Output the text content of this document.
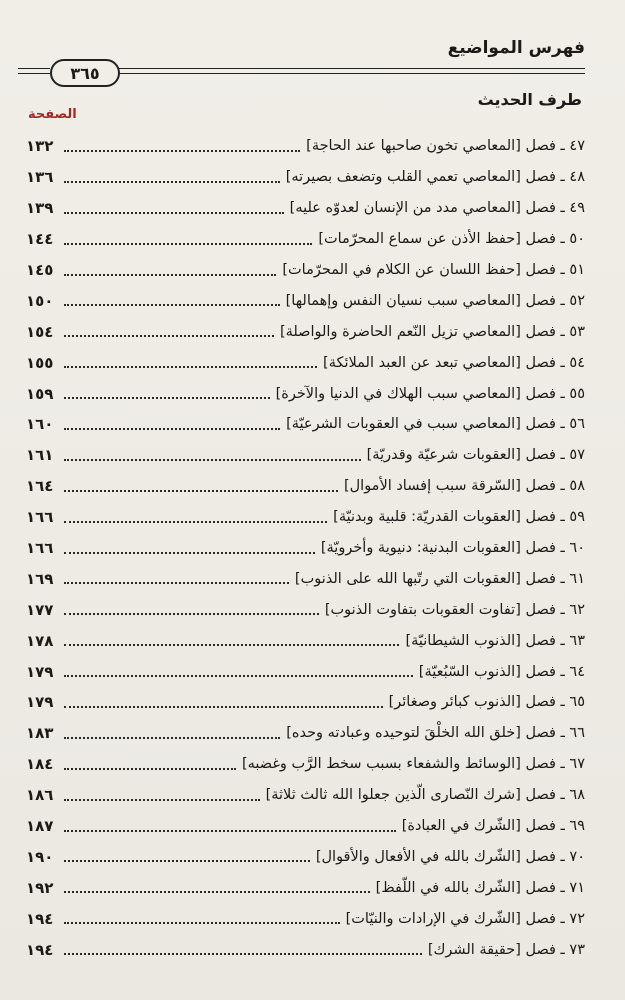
فهرس المواضيع
٣٦٥
طرف الحديث
الصفحة
٤٧ ـ فصل [المعاصي تخون صاحبها عند الحاجة]
١٣٢
٤٨ ـ فصل [المعاصي تعمي القلب وتضعف بصيرته]
١٣٦
٤٩ ـ فصل [المعاصي مدد من الإنسان لعدوّه عليه]
١٣٩
٥٠ ـ فصل [حفظ الأذن عن سماع المحرّمات]
١٤٤
٥١ ـ فصل [حفظ اللسان عن الكلام في المحرّمات]
١٤٥
٥٢ ـ فصل [المعاصي سبب نسيان النفس وإهمالها]
١٥٠
٥٣ ـ فصل [المعاصي تزيل النّعم الحاضرة والواصلة]
١٥٤
٥٤ ـ فصل [المعاصي تبعد عن العبد الملائكة]
١٥٥
٥٥ ـ فصل [المعاصي سبب الهلاك في الدنيا والآخرة]
١٥٩
٥٦ ـ فصل [المعاصي سبب في العقوبات الشرعيّة]
١٦٠
٥٧ ـ فصل [العقوبات شرعيّة وقدريّة]
١٦١
٥٨ ـ فصل [السّرقة سبب إفساد الأموال]
١٦٤
٥٩ ـ فصل [العقوبات القدريّة: قلبية وبدنيّة]
١٦٦
٦٠ ـ فصل [العقوبات البدنية: دنيوية وأخرويّة]
١٦٦
٦١ ـ فصل [العقوبات التي رتّبها الله على الذنوب]
١٦٩
٦٢ ـ فصل [تفاوت العقوبات بتفاوت الذنوب]
١٧٧
٦٣ ـ فصل [الذنوب الشيطانيّة]
١٧٨
٦٤ ـ فصل [الذنوب السّبُعيّة]
١٧٩
٦٥ ـ فصل [الذنوب كبائر وصغائر]
١٧٩
٦٦ ـ فصل [خلق الله الخلْقَ لتوحيده وعبادته وحده]
١٨٣
٦٧ ـ فصل [الوسائط والشفعاء بسبب سخط الرَّب وغضبه]
١٨٤
٦٨ ـ فصل [شرك النّصارى الّذين جعلوا الله ثالث ثلاثة]
١٨٦
٦٩ ـ فصل [الشّرك في العبادة]
١٨٧
٧٠ ـ فصل [الشّرك بالله في الأفعال والأقوال]
١٩٠
٧١ ـ فصل [الشّرك بالله في اللّفظ]
١٩٢
٧٢ ـ فصل [الشّرك في الإرادات والنيّات]
١٩٤
٧٣ ـ فصل [حقيقة الشرك]
١٩٤
